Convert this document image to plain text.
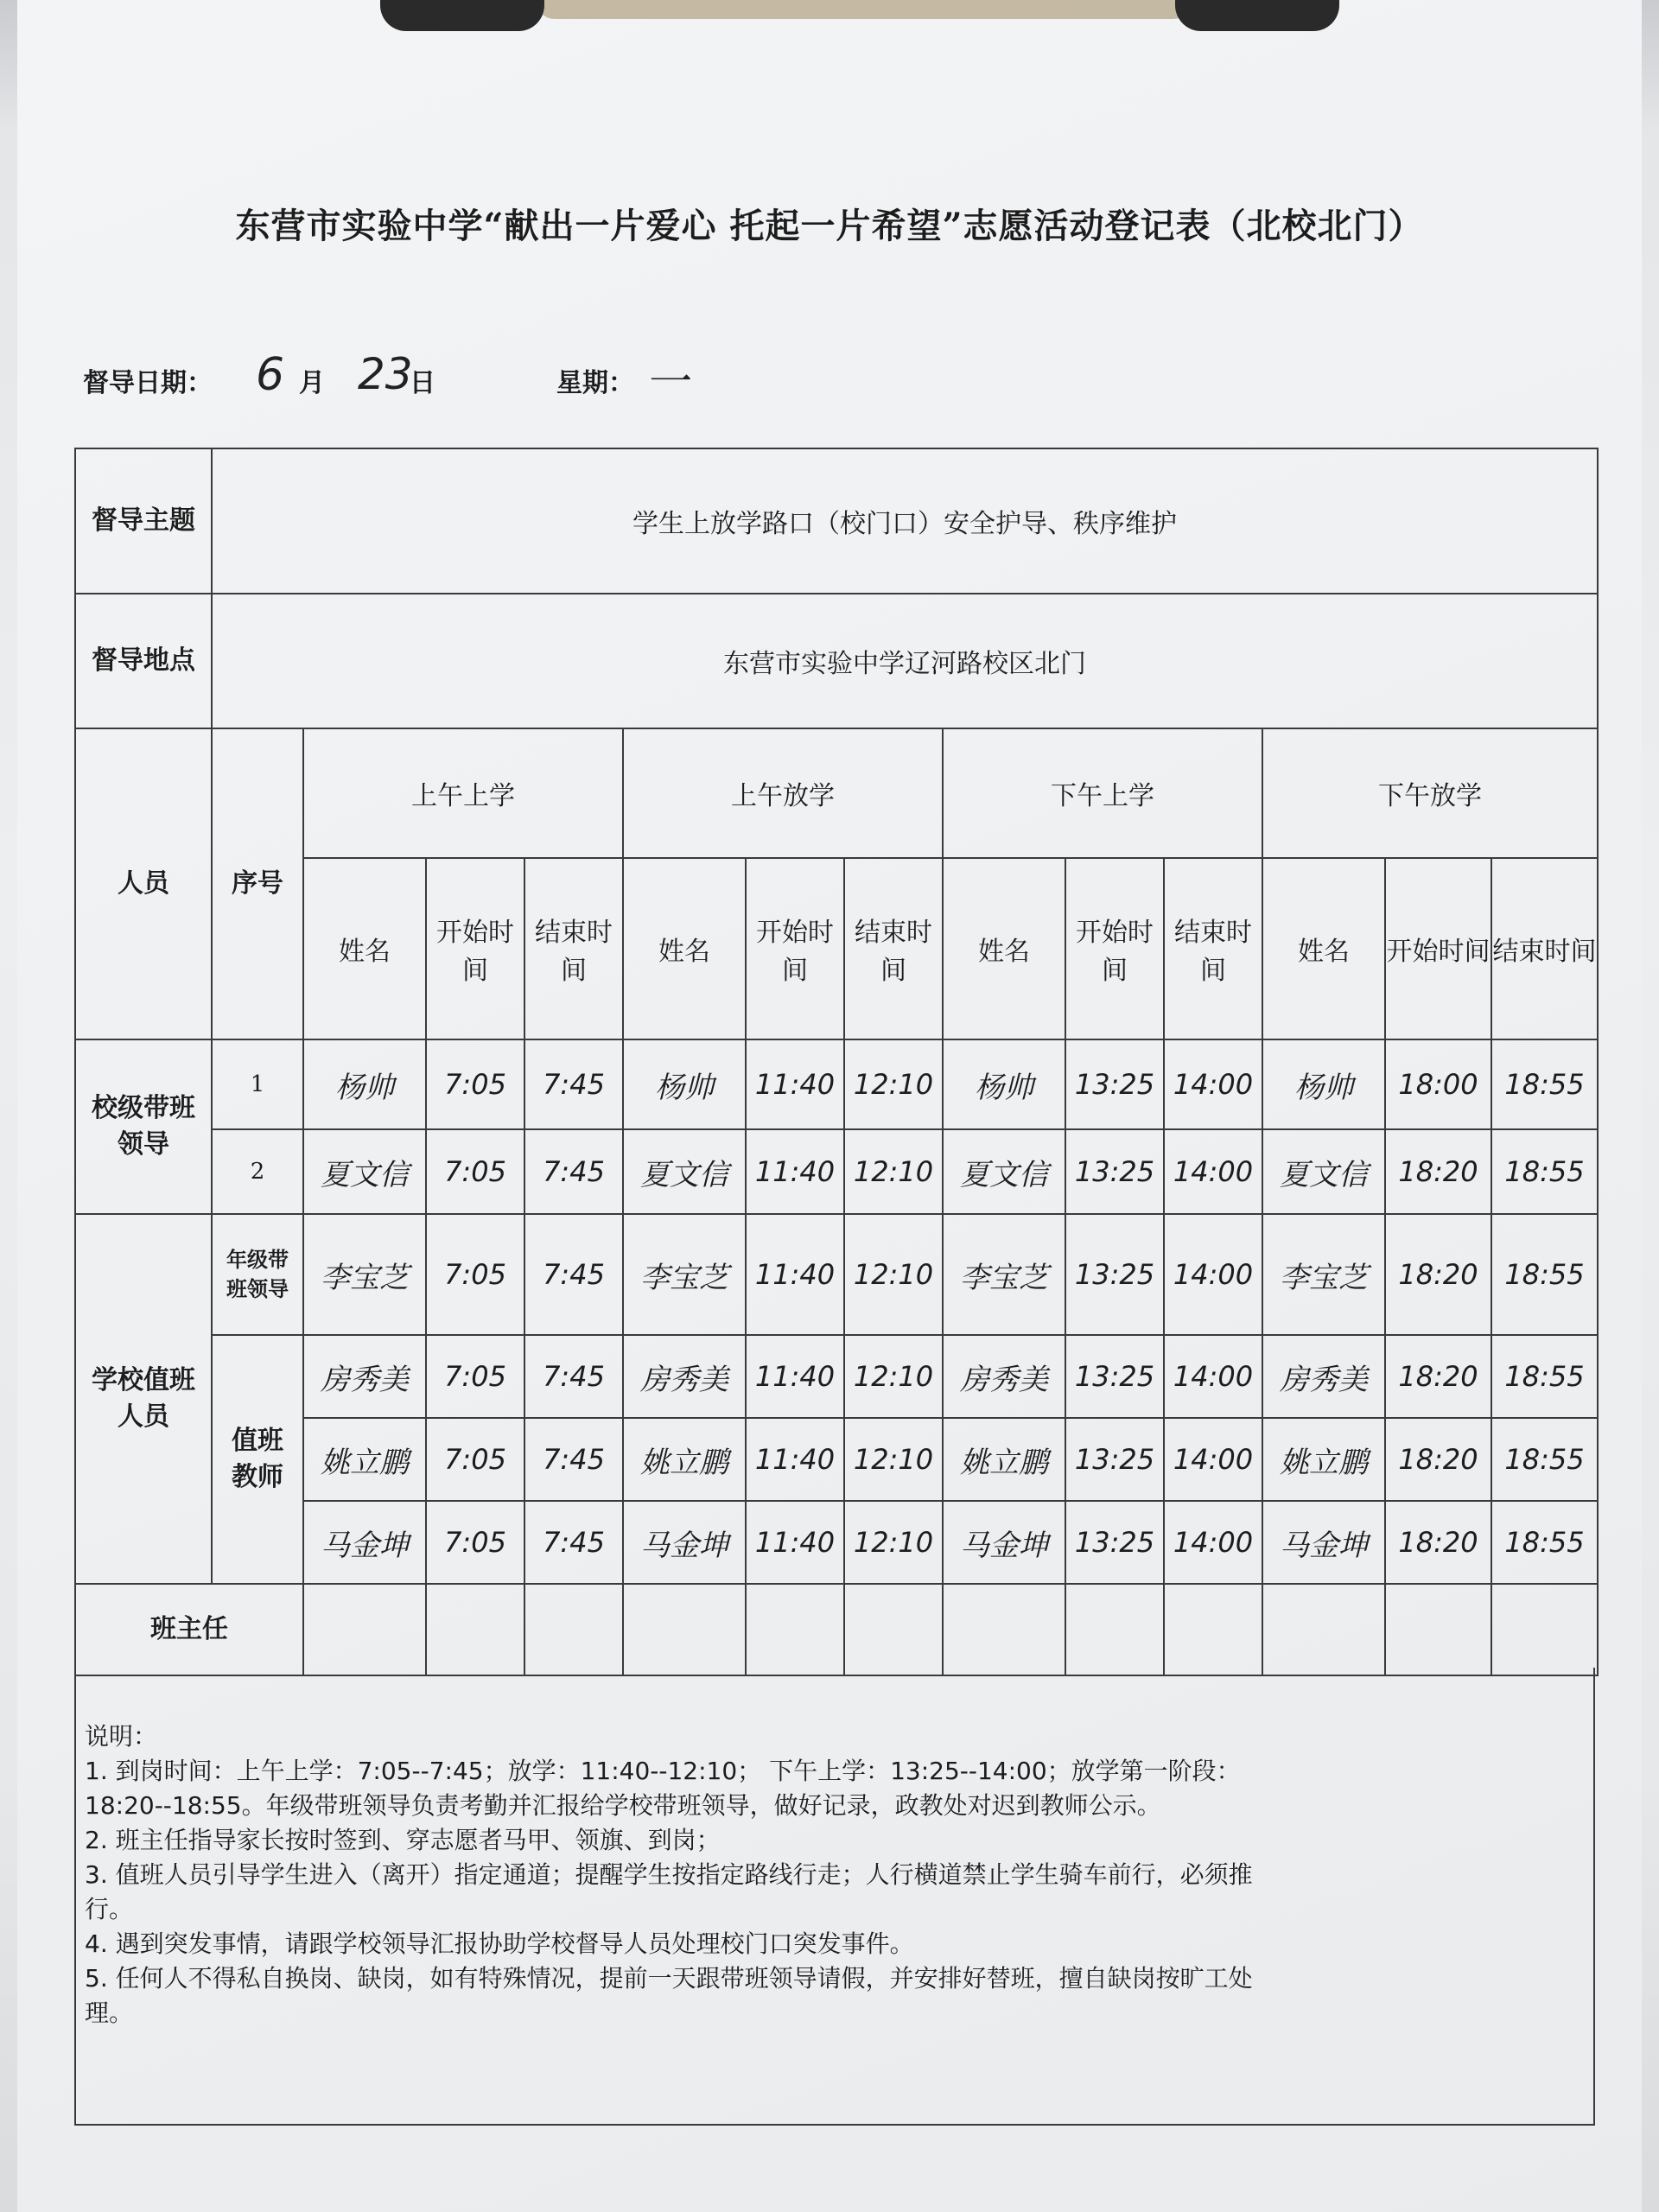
东营市实验中学“献出一片爱心 托起一片希望”志愿活动登记表（北校北门）
督导日期： 6 月 23
日	星期： 一
督导主题	学生上放学路口（校门口）安全护导、秩序维护												
督导地点	东营市实验中学辽河路校区北门												
人员	序号	上午上学			上午放学			下午上学			下午放学		
		姓名	开始时间	结束时间	姓名	开始时间	结束时间	姓名	开始时间	结束时间	姓名	开始时间	结束时间
校级带班领导	1	杨帅	7:05	7:45	杨帅	11:40	12:10	杨帅	13:25	14:00	杨帅	18:00	18:55
	2	夏文信	7:05	7:45	夏文信	11:40	12:10	夏文信	13:25	14:00	夏文信	18:20	18:55
学校值班人员	年级带班领导	李宝芝	7:05	7:45	李宝芝	11:40	12:10	李宝芝	13:25	14:00	李宝芝	18:20	18:55
	值班教师	房秀美	7:05	7:45	房秀美	11:40	12:10	房秀美	13:25	14:00	房秀美	18:20	18:55
		姚立鹏	7:05	7:45	姚立鹏	11:40	12:10	姚立鹏	13:25	14:00	姚立鹏	18:20	18:55
		马金坤	7:05	7:45	马金坤	11:40	12:10	马金坤	13:25	14:00	马金坤	18:20	18:55
班主任													
说明：
1. 到岗时间：上午上学：7:05--7:45；放学：11:40--12:10； 下午上学：13:25--14:00；放学第一阶段：
18:20--18:55。年级带班领导负责考勤并汇报给学校带班领导，做好记录，政教处对迟到教师公示。
2. 班主任指导家长按时签到、穿志愿者马甲、领旗、到岗；
3. 值班人员引导学生进入（离开）指定通道；提醒学生按指定路线行走；人行横道禁止学生骑车前行，必须推
行。
4. 遇到突发事情，请跟学校领导汇报协助学校督导人员处理校门口突发事件。
5. 任何人不得私自换岗、缺岗，如有特殊情况，提前一天跟带班领导请假，并安排好替班，擅自缺岗按旷工处
理。
